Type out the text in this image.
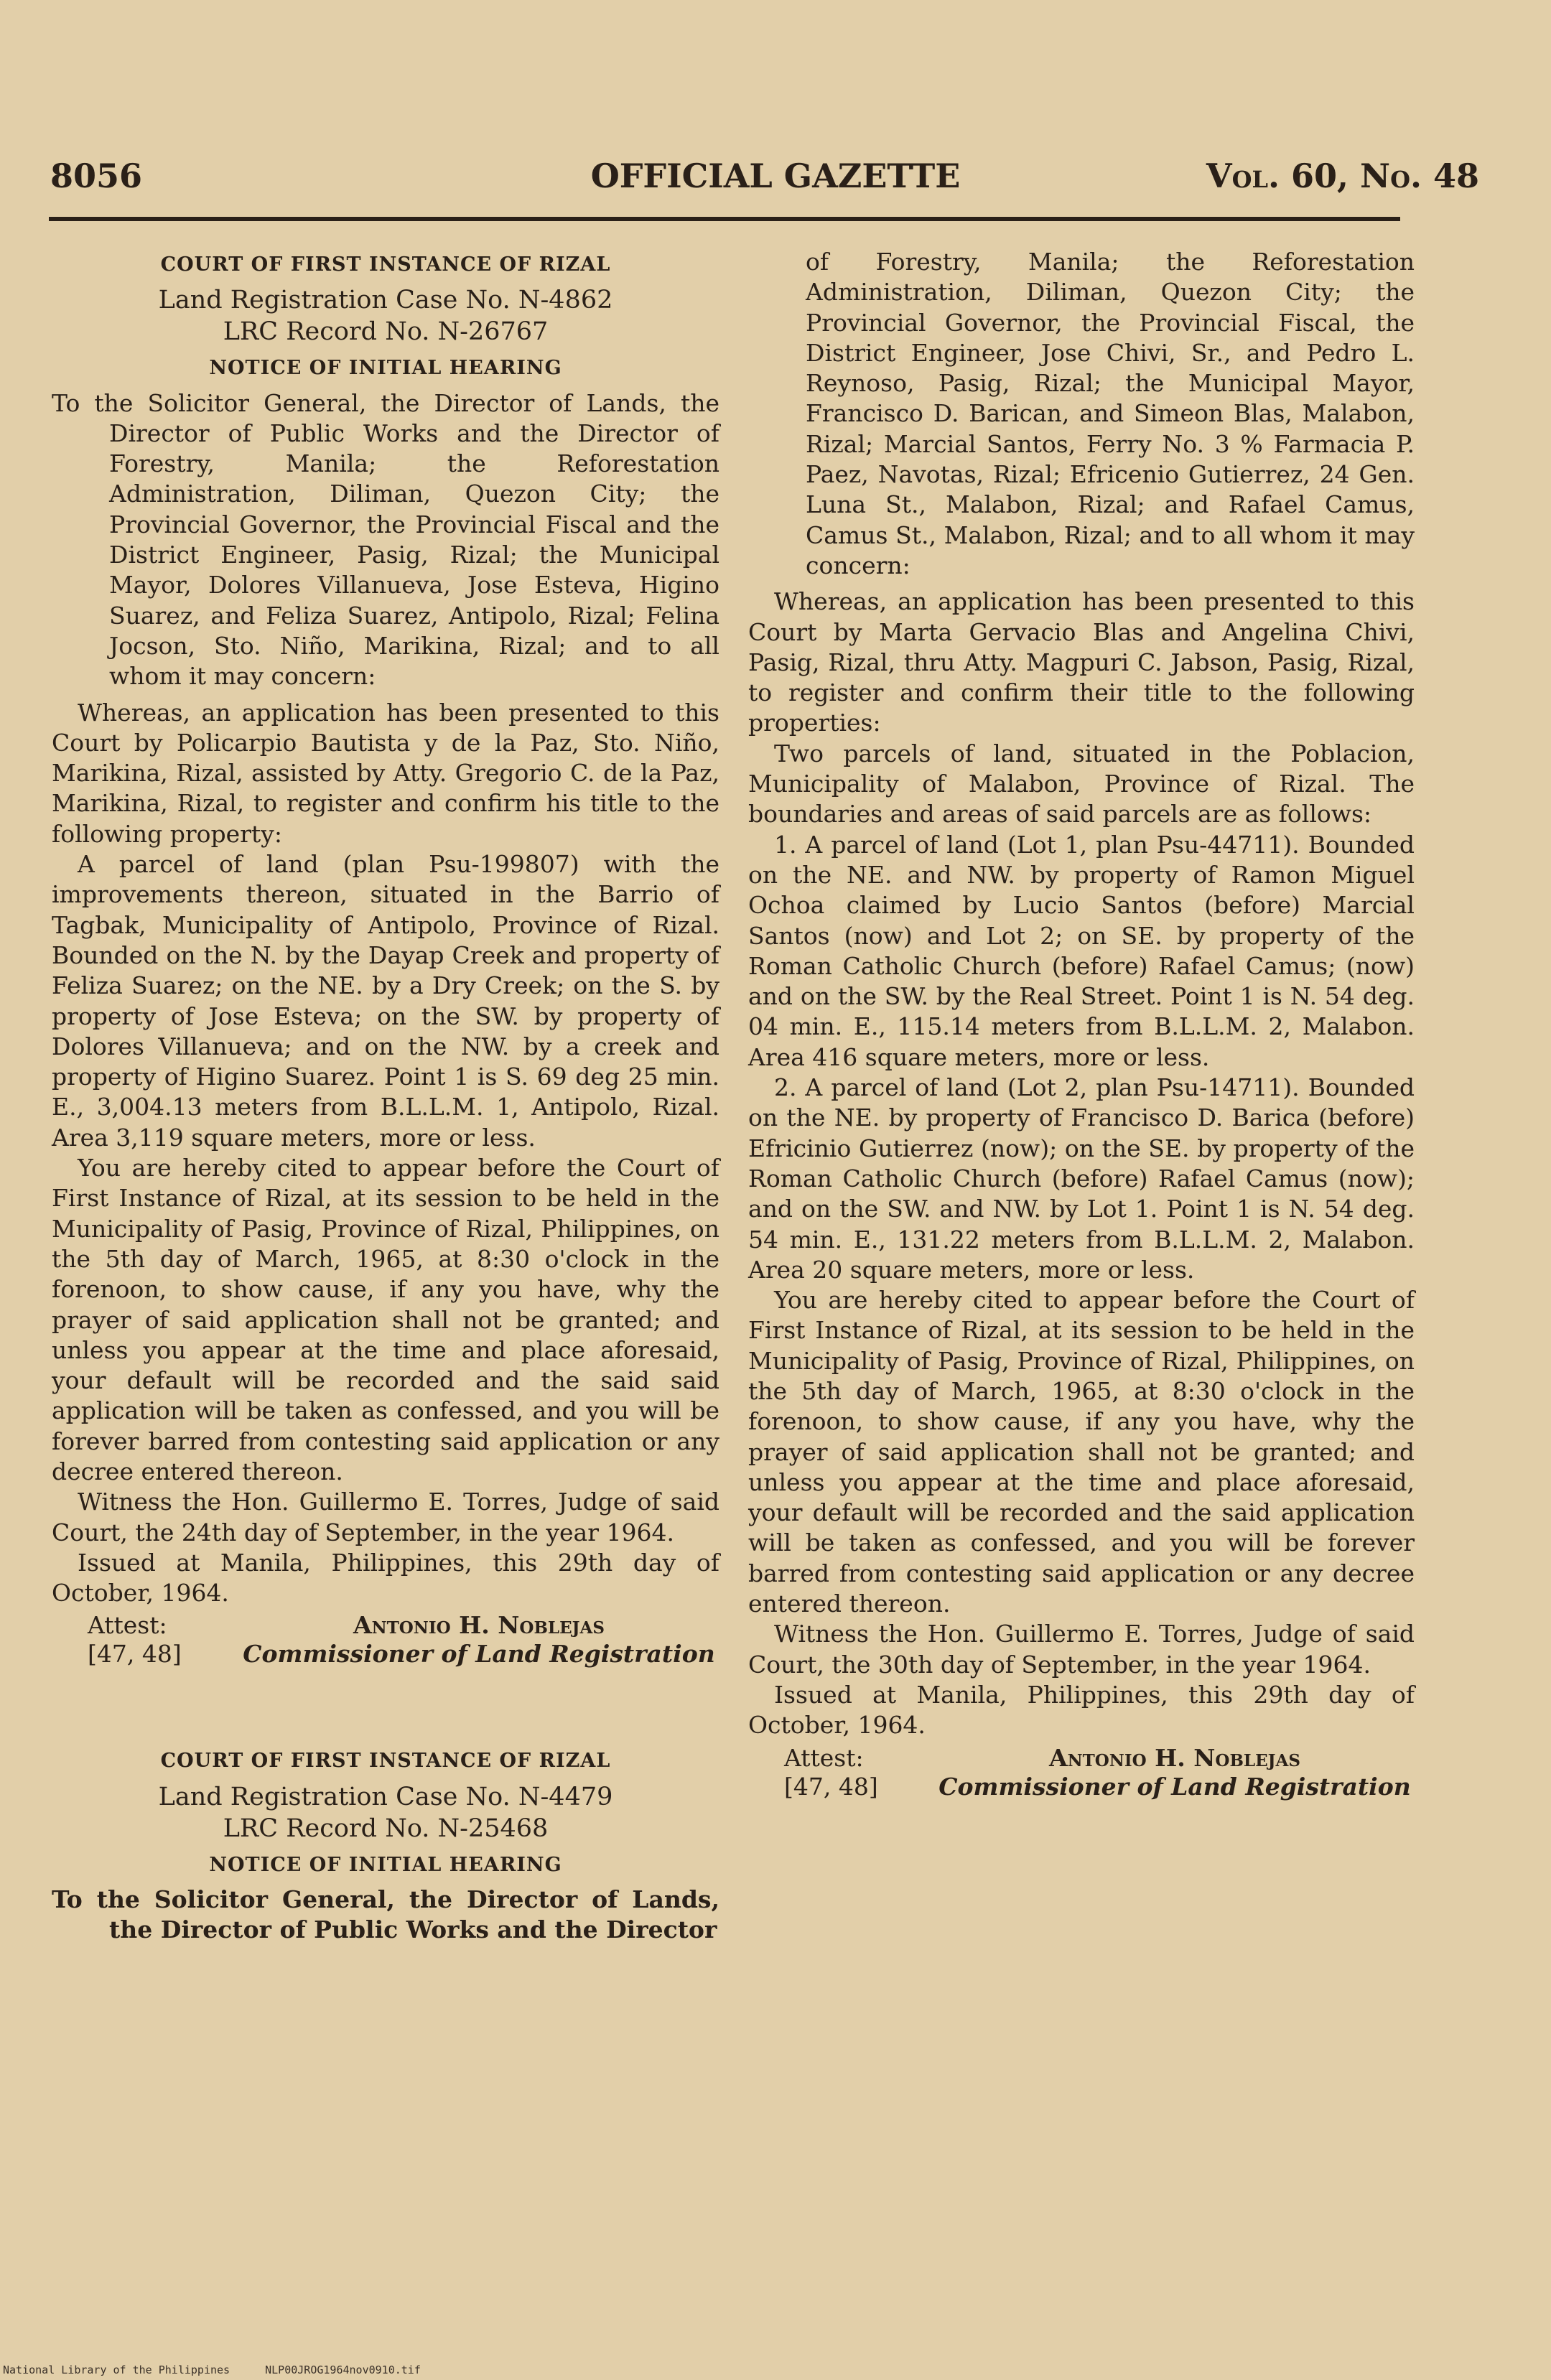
8056	OFFICIAL GAZETTE	Vol. 60, No. 48
COURT OF FIRST INSTANCE OF RIZAL
Land Registration Case No. N-4862
LRC Record No. N-26767
NOTICE OF INITIAL HEARING

To the Solicitor General, the Director of Lands, the Director of Public Works and the Director of Forestry, Manila; the Reforestation Administration, Diliman, Quezon City; the Provincial Governor, the Provincial Fiscal and the District Engineer, Pasig, Rizal; the Municipal Mayor, Dolores Villanueva, Jose Esteva, Higino Suarez, and Feliza Suarez, Antipolo, Rizal; Felina Jocson, Sto. Niño, Marikina, Rizal; and to all whom it may concern:

Whereas, an application has been presented to this Court by Policarpio Bautista y de la Paz, Sto. Niño, Marikina, Rizal, assisted by Atty. Gregorio C. de la Paz, Marikina, Rizal, to register and confirm his title to the following property:

A parcel of land (plan Psu-199807) with the improvements thereon, situated in the Barrio of Tagbak, Municipality of Antipolo, Province of Rizal. Bounded on the N. by the Dayap Creek and property of Feliza Suarez; on the NE. by a Dry Creek; on the S. by property of Jose Esteva; on the SW. by property of Dolores Villanueva; and on the NW. by a creek and property of Higino Suarez. Point 1 is S. 69 deg 25 min. E., 3,004.13 meters from B.L.L.M. 1, Antipolo, Rizal. Area 3,119 square meters, more or less.

You are hereby cited to appear before the Court of First Instance of Rizal, at its session to be held in the Municipality of Pasig, Province of Rizal, Philippines, on the 5th day of March, 1965, at 8:30 o'clock in the forenoon, to show cause, if any you have, why the prayer of said application shall not be granted; and unless you appear at the time and place aforesaid, your default will be recorded and the said said application will be taken as confessed, and you will be forever barred from contesting said application or any decree entered thereon.

Witness the Hon. Guillermo E. Torres, Judge of said Court, the 24th day of September, in the year 1964.

Issued at Manila, Philippines, this 29th day of October, 1964.

Attest:
[47, 48]
Antonio H. Noblejas
Commissioner of Land Registration
COURT OF FIRST INSTANCE OF RIZAL
Land Registration Case No. N-4479
LRC Record No. N-25468
NOTICE OF INITIAL HEARING

To the Solicitor General, the Director of Lands, the Director of Public Works and the Director

of Forestry, Manila; the Reforestation Administration, Diliman, Quezon City; the Provincial Governor, the Provincial Fiscal, the District Engineer, Jose Chivi, Sr., and Pedro L. Reynoso, Pasig, Rizal; the Municipal Mayor, Francisco D. Barican, and Simeon Blas, Malabon, Rizal; Marcial Santos, Ferry No. 3 % Farmacia P. Paez, Navotas, Rizal; Efricenio Gutierrez, 24 Gen. Luna St., Malabon, Rizal; and Rafael Camus, Camus St., Malabon, Rizal; and to all whom it may concern:

Whereas, an application has been presented to this Court by Marta Gervacio Blas and Angelina Chivi, Pasig, Rizal, thru Atty. Magpuri C. Jabson, Pasig, Rizal, to register and confirm their title to the following properties:

Two parcels of land, situated in the Poblacion, Municipality of Malabon, Province of Rizal. The boundaries and areas of said parcels are as follows:

1. A parcel of land (Lot 1, plan Psu-44711). Bounded on the NE. and NW. by property of Ramon Miguel Ochoa claimed by Lucio Santos (before) Marcial Santos (now) and Lot 2; on SE. by property of the Roman Catholic Church (before) Rafael Camus; (now) and on the SW. by the Real Street. Point 1 is N. 54 deg. 04 min. E., 115.14 meters from B.L.L.M. 2, Malabon. Area 416 square meters, more or less.

2. A parcel of land (Lot 2, plan Psu-14711). Bounded on the NE. by property of Francisco D. Barica (before) Efricinio Gutierrez (now); on the SE. by property of the Roman Catholic Church (before) Rafael Camus (now); and on the SW. and NW. by Lot 1. Point 1 is N. 54 deg. 54 min. E., 131.22 meters from B.L.L.M. 2, Malabon. Area 20 square meters, more or less.

You are hereby cited to appear before the Court of First Instance of Rizal, at its session to be held in the Municipality of Pasig, Province of Rizal, Philippines, on the 5th day of March, 1965, at 8:30 o'clock in the forenoon, to show cause, if any you have, why the prayer of said application shall not be granted; and unless you appear at the time and place aforesaid, your default will be recorded and the said application will be taken as confessed, and you will be forever barred from contesting said application or any decree entered thereon.

Witness the Hon. Guillermo E. Torres, Judge of said Court, the 30th day of September, in the year 1964.

Issued at Manila, Philippines, this 29th day of October, 1964.

Attest:
[47, 48]
Antonio H. Noblejas
Commissioner of Land Registration
National Library of the Philippines	NLP00JROG1964nov0910.tif
